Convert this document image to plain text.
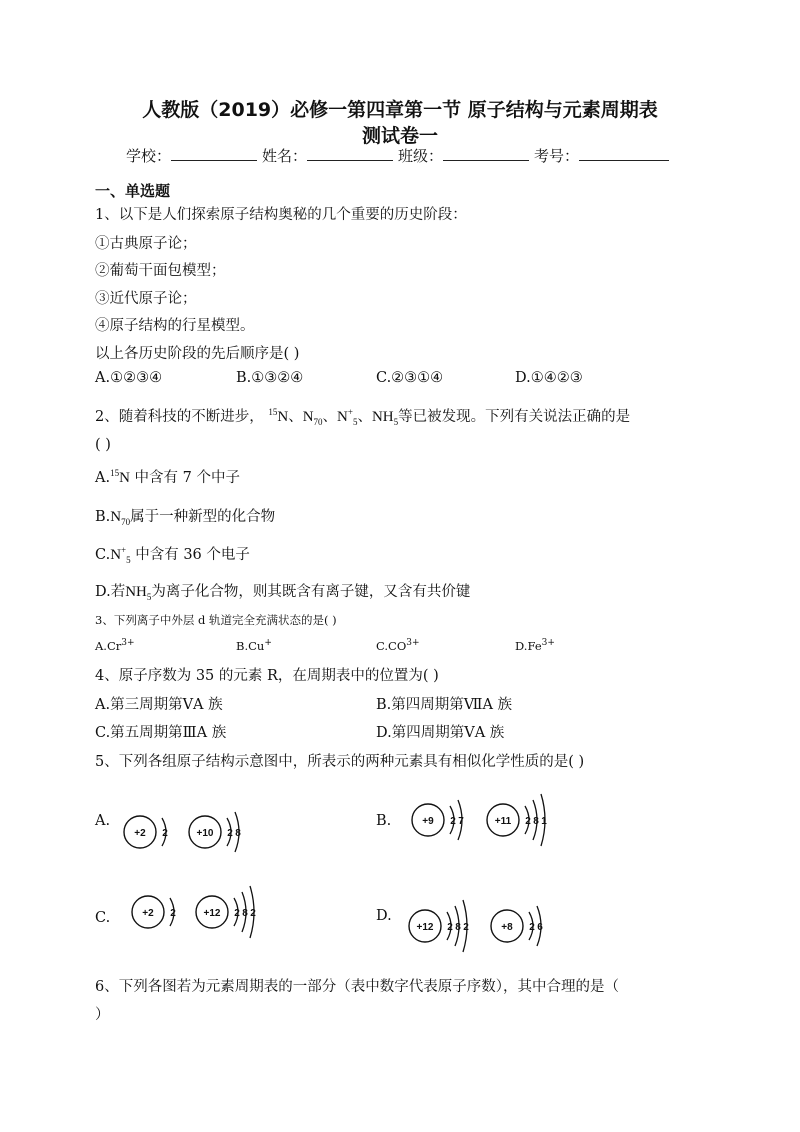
人教版（2019）必修一第四章第一节 原子结构与元素周期表
测试卷一
学校：	姓名：	班级：	考号：
一、单选题
1、以下是人们探索原子结构奥秘的几个重要的历史阶段：
①古典原子论；
②葡萄干面包模型；
③近代原子论；
④原子结构的行星模型。
以上各历史阶段的先后顺序是( )
A.①②③④	B.①③②④	C.②③①④	D.①④②③
2、随着科技的不断进步， $^{15}$N、$N_{70}$、$N^+_5$、$NH_5$等已被发现。下列有关说法正确的是
( )
A.$^{15}$N 中含有 7 个中子
$B.N_{70}$属于一种新型的化合物
$C.N^+_5$ 中含有 36 个电子
D.若$NH_5$为离子化合物，则其既含有离子键，又含有共价键
3、下列离子中外层 d 轨道完全充满状态的是( )
$A.Cr^{3+}$	B.Cu+	$C.CO^{3+}$	$D.Fe^{3+}$
4、原子序数为 35 的元素 R，在周期表中的位置为( )
A.第三周期第ⅤA 族	B.第四周期第ⅦA 族
C.第五周期第ⅢA 族	D.第四周期第ⅤA 族
5、下列各组原子结构示意图中，所表示的两种元素具有相似化学性质的是( )
A.	B.
C.	D.
+2 2	+10 2 8
+9 2 7	+11 2 8 1
+2 2	+12 2 8 2
+12 2 8 2	+8 2 6
6、下列各图若为元素周期表的一部分（表中数字代表原子序数），其中合理的是（
）
